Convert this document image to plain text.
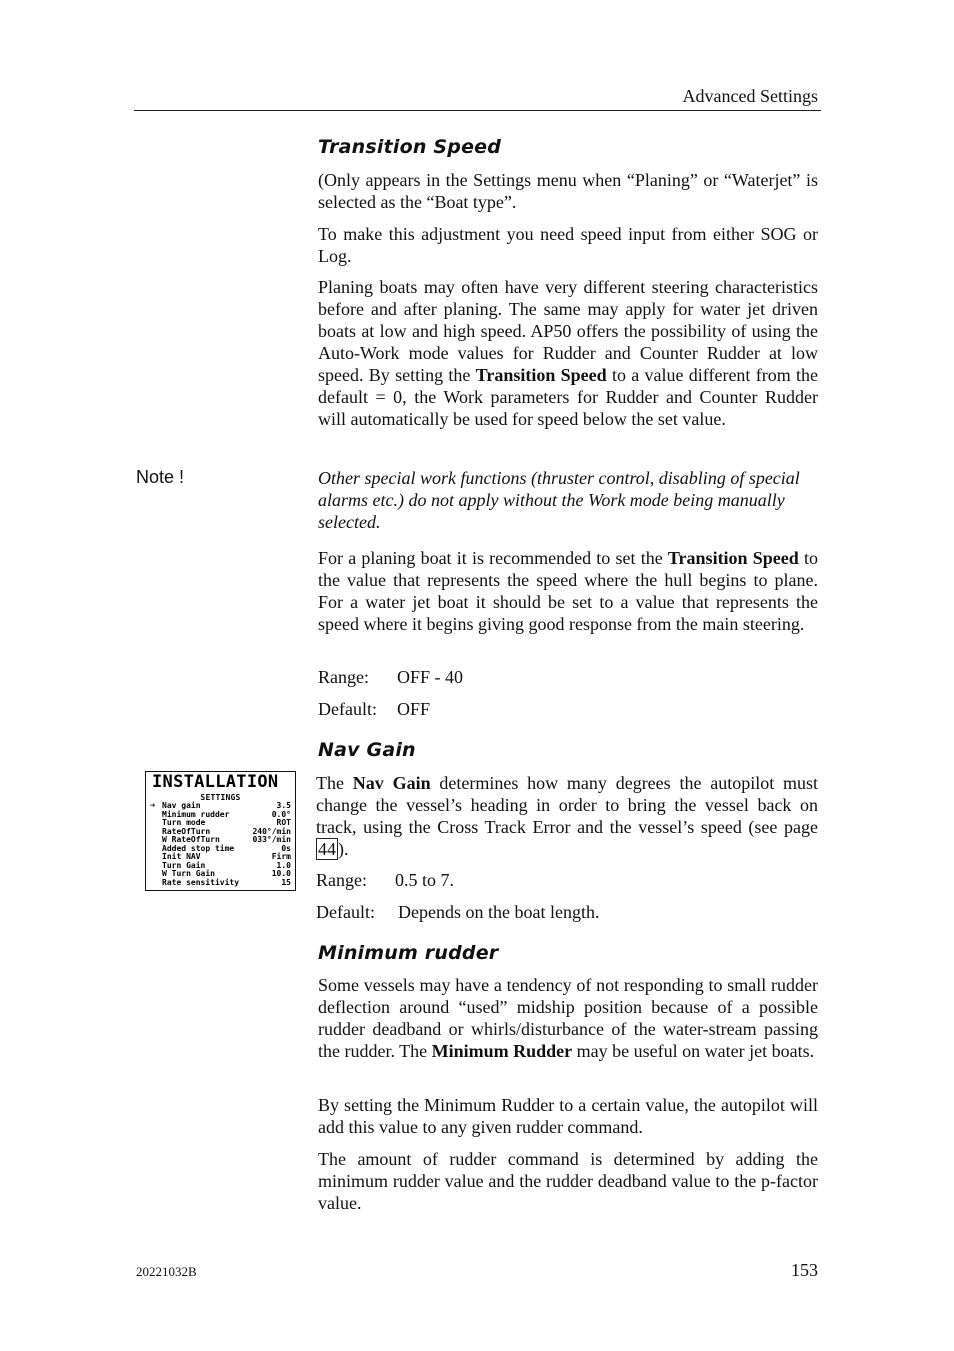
Advanced Settings
Transition Speed

(Only appears in the Settings menu when “Planing” or “Waterjet” is selected as the “Boat type”.

To make this adjustment you need speed input from either SOG or Log.

Planing boats may often have very different steering characteristics before and after planing. The same may apply for water jet driven boats at low and high speed. AP50 offers the possibility of using the Auto-Work mode values for Rudder and Counter Rudder at low speed. By setting the Transition Speed to a value different from the default = 0, the Work parameters for Rudder and Counter Rudder will automatically be used for speed below the set value.

Note !	Other special work functions (thruster control, disabling of special alarms etc.) do not apply without the Work mode being manually selected.

For a planing boat it is recommended to set the Transition Speed to the value that represents the speed where the hull begins to plane. For a water jet boat it should be set to a value that represents the speed where it begins giving good response from the main steering.

Range: OFF - 40
Default: OFF
Nav Gain
INSTALLATION
SETTINGS
➔ Nav gain	3.5
Minimum rudder	0.0°
Turn mode	ROT
RateOfTurn	240°/min
W RateOfTurn	033°/min
Added stop time	0s
Init NAV	Firm
Turn Gain	1.0
W Turn Gain	10.0
Rate sensitivity	15

The Nav Gain determines how many degrees the autopilot must change the vessel’s heading in order to bring the vessel back on track, using the Cross Track Error and the vessel’s speed (see page 44 ).

Range: 0.5 to 7.
Default: Depends on the boat length.
Minimum rudder

Some vessels may have a tendency of not responding to small rudder deflection around “used” midship position because of a possible rudder deadband or whirls/disturbance of the water-stream passing the rudder. The Minimum Rudder may be useful on water jet boats.

By setting the Minimum Rudder to a certain value, the autopilot will add this value to any given rudder command.

The amount of rudder command is determined by adding the minimum rudder value and the rudder deadband value to the p-factor value.

20221032B	153
